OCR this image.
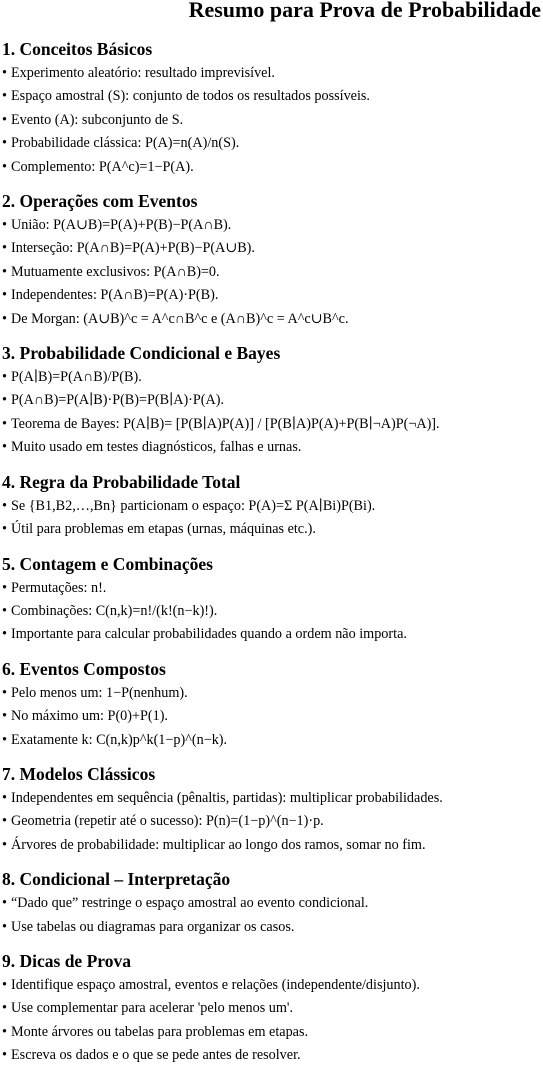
Resumo para Prova de Probabilidade
1. Conceitos Básicos
• Experimento aleatório: resultado imprevisível.
• Espaço amostral (S): conjunto de todos os resultados possíveis.
• Evento (A): subconjunto de S.
• Probabilidade clássica: P(A)=n(A)/n(S).
• Complemento: P(A^c)=1−P(A).
2. Operações com Eventos
• União: P(A∪B)=P(A)+P(B)−P(A∩B).
• Interseção: P(A∩B)=P(A)+P(B)−P(A∪B).
• Mutuamente exclusivos: P(A∩B)=0.
• Independentes: P(A∩B)=P(A)·P(B).
• De Morgan: (A∪B)^c = A^c∩B^c e (A∩B)^c = A^c∪B^c.
3. Probabilidade Condicional e Bayes
• P(A∣B)=P(A∩B)/P(B).
• P(A∩B)=P(A∣B)·P(B)=P(B∣A)·P(A).
• Teorema de Bayes: P(A∣B)= [P(B∣A)P(A)] / [P(B∣A)P(A)+P(B∣¬A)P(¬A)].
• Muito usado em testes diagnósticos, falhas e urnas.
4. Regra da Probabilidade Total
• Se {B1,B2,…,Bn} particionam o espaço: P(A)=Σ P(A∣Bi)P(Bi).
• Útil para problemas em etapas (urnas, máquinas etc.).
5. Contagem e Combinações
• Permutações: n!.
• Combinações: C(n,k)=n!/(k!(n−k)!).
• Importante para calcular probabilidades quando a ordem não importa.
6. Eventos Compostos
• Pelo menos um: 1−P(nenhum).
• No máximo um: P(0)+P(1).
• Exatamente k: C(n,k)p^k(1−p)^(n−k).
7. Modelos Clássicos
• Independentes em sequência (pênaltis, partidas): multiplicar probabilidades.
• Geometria (repetir até o sucesso): P(n)=(1−p)^(n−1)·p.
• Árvores de probabilidade: multiplicar ao longo dos ramos, somar no fim.
8. Condicional – Interpretação
• “Dado que” restringe o espaço amostral ao evento condicional.
• Use tabelas ou diagramas para organizar os casos.
9. Dicas de Prova
• Identifique espaço amostral, eventos e relações (independente/disjunto).
• Use complementar para acelerar 'pelo menos um'.
• Monte árvores ou tabelas para problemas em etapas.
• Escreva os dados e o que se pede antes de resolver.
